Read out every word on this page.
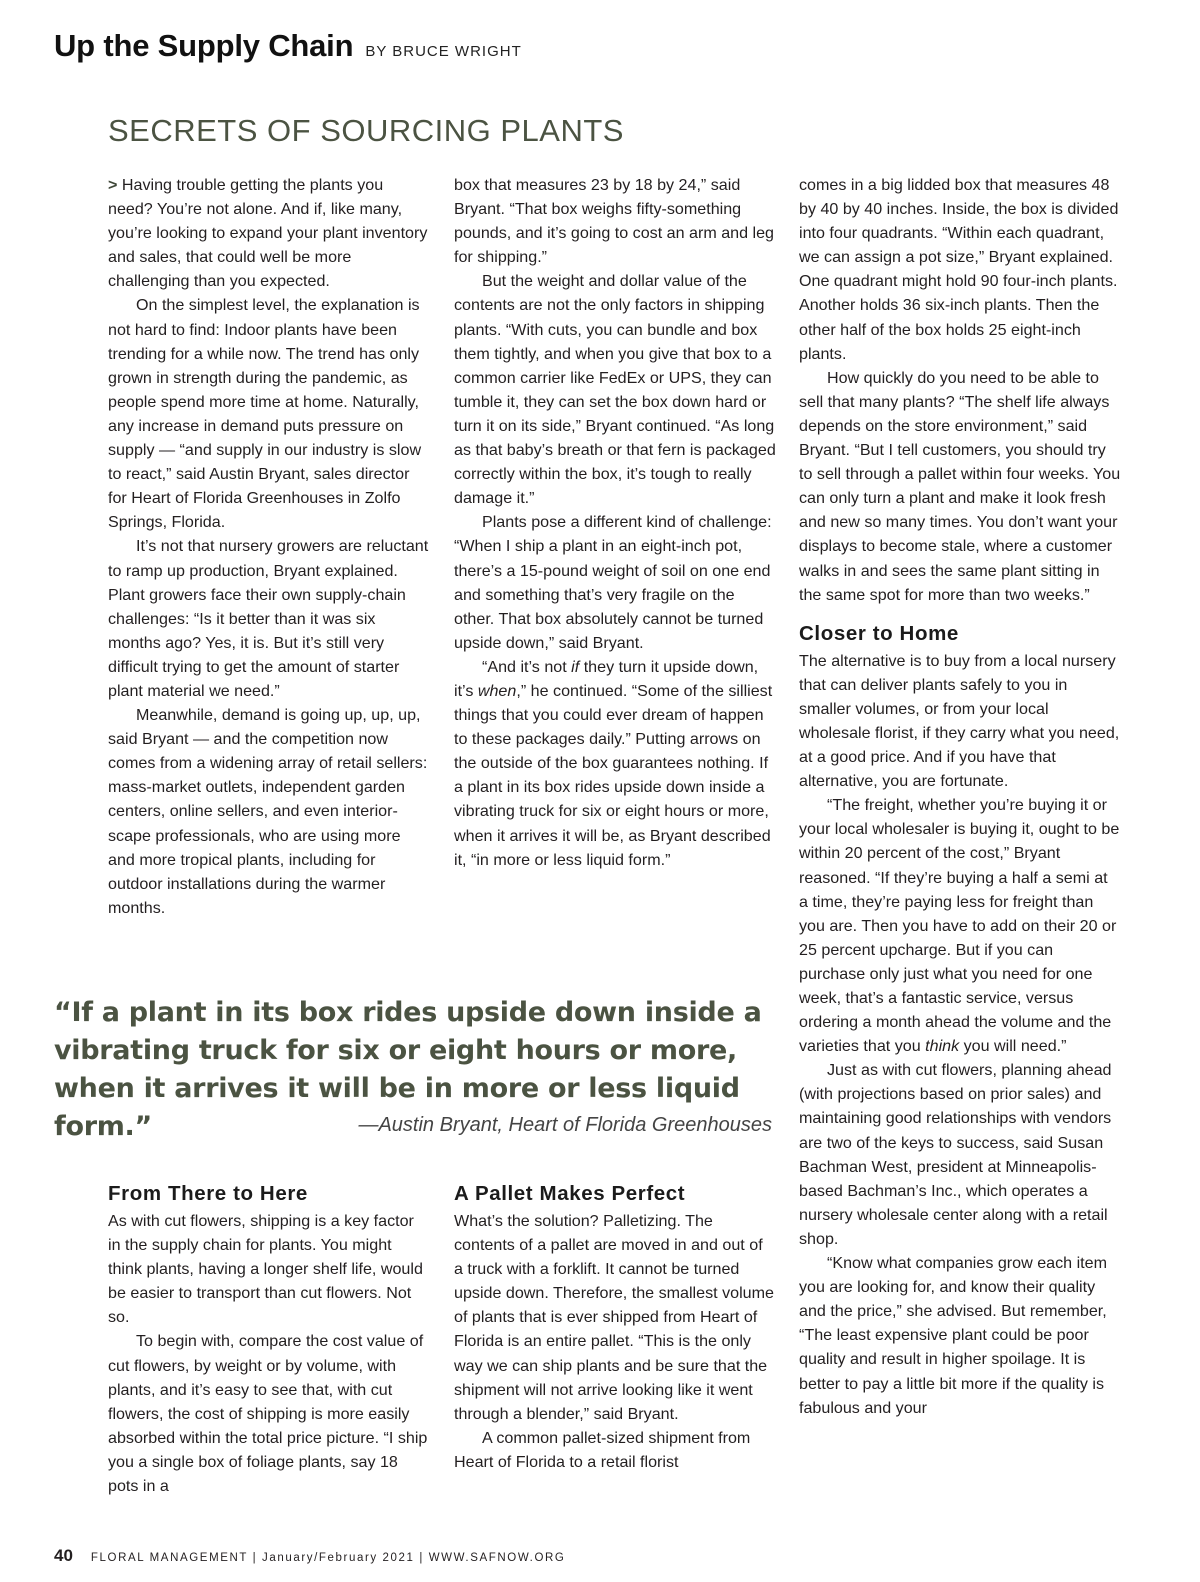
Up the Supply Chain BY BRUCE WRIGHT
SECRETS OF SOURCING PLANTS

> Having trouble getting the plants you need? You’re not alone. And if, like many, you’re looking to expand your plant inventory and sales, that could well be more challenging than you expected.

On the simplest level, the explanation is not hard to find: Indoor plants have been trending for a while now. The trend has only grown in strength during the pandemic, as people spend more time at home. Naturally, any increase in demand puts pressure on supply — “and supply in our industry is slow to react,” said Austin Bryant, sales director for Heart of Florida Greenhouses in Zolfo Springs, Florida.

It’s not that nursery growers are reluctant to ramp up production, Bryant explained. Plant growers face their own supply-chain challenges: “Is it better than it was six months ago? Yes, it is. But it’s still very difficult trying to get the amount of starter plant material we need.”

Meanwhile, demand is going up, up, up, said Bryant — and the competition now comes from a widening array of retail sellers: mass-market outlets, independent garden centers, online sellers, and even interior-scape professionals, who are using more and more tropical plants, including for outdoor installations during the warmer months.

box that measures 23 by 18 by 24,” said Bryant. “That box weighs fifty-something pounds, and it’s going to cost an arm and leg for shipping.”

But the weight and dollar value of the contents are not the only factors in shipping plants. “With cuts, you can bundle and box them tightly, and when you give that box to a common carrier like FedEx or UPS, they can tumble it, they can set the box down hard or turn it on its side,” Bryant continued. “As long as that baby’s breath or that fern is packaged correctly within the box, it’s tough to really damage it.”

Plants pose a different kind of challenge: “When I ship a plant in an eight-inch pot, there’s a 15-pound weight of soil on one end and something that’s very fragile on the other. That box absolutely cannot be turned upside down,” said Bryant.

“And it’s not if they turn it upside down, it’s when,” he continued. “Some of the silliest things that you could ever dream of happen to these packages daily.” Putting arrows on the outside of the box guarantees nothing. If a plant in its box rides upside down inside a vibrating truck for six or eight hours or more, when it arrives it will be, as Bryant described it, “in more or less liquid form.”

comes in a big lidded box that measures 48 by 40 by 40 inches. Inside, the box is divided into four quadrants. “Within each quadrant, we can assign a pot size,” Bryant explained. One quadrant might hold 90 four-inch plants. Another holds 36 six-inch plants. Then the other half of the box holds 25 eight-inch plants.

How quickly do you need to be able to sell that many plants? “The shelf life always depends on the store environment,” said Bryant. “But I tell customers, you should try to sell through a pallet within four weeks. You can only turn a plant and make it look fresh and new so many times. You don’t want your displays to become stale, where a customer walks in and sees the same plant sitting in the same spot for more than two weeks.”

Closer to Home

The alternative is to buy from a local nursery that can deliver plants safely to you in smaller volumes, or from your local wholesale florist, if they carry what you need, at a good price. And if you have that alternative, you are fortunate.

“The freight, whether you’re buying it or your local wholesaler is buying it, ought to be within 20 percent of the cost,” Bryant reasoned. “If they’re buying a half a semi at a time, they’re paying less for freight than you are. Then you have to add on their 20 or 25 percent upcharge. But if you can purchase only just what you need for one week, that’s a fantastic service, versus ordering a month ahead the volume and the varieties that you think you will need.”

Just as with cut flowers, planning ahead (with projections based on prior sales) and maintaining good relationships with vendors are two of the keys to success, said Susan Bachman West, president at Minneapolis-based Bachman’s Inc., which operates a nursery wholesale center along with a retail shop.

“Know what companies grow each item you are looking for, and know their quality and the price,” she advised. But remember, “The least expensive plant could be poor quality and result in higher spoilage. It is better to pay a little bit more if the quality is fabulous and your

“If a plant in its box rides upside down inside a vibrating truck for six or eight hours or more, when it arrives it will be in more or less liquid form.”	—Austin Bryant, Heart of Florida Greenhouses
From There to Here

As with cut flowers, shipping is a key factor in the supply chain for plants. You might think plants, having a longer shelf life, would be easier to transport than cut flowers. Not so.

To begin with, compare the cost value of cut flowers, by weight or by volume, with plants, and it’s easy to see that, with cut flowers, the cost of shipping is more easily absorbed within the total price picture. “I ship you a single box of foliage plants, say 18 pots in a

A Pallet Makes Perfect

What’s the solution? Palletizing. The contents of a pallet are moved in and out of a truck with a forklift. It cannot be turned upside down. Therefore, the smallest volume of plants that is ever shipped from Heart of Florida is an entire pallet. “This is the only way we can ship plants and be sure that the shipment will not arrive looking like it went through a blender,” said Bryant.

A common pallet-sized shipment from Heart of Florida to a retail florist

40 FLORAL MANAGEMENT | January/February 2021 | WWW.SAFNOW.ORG
